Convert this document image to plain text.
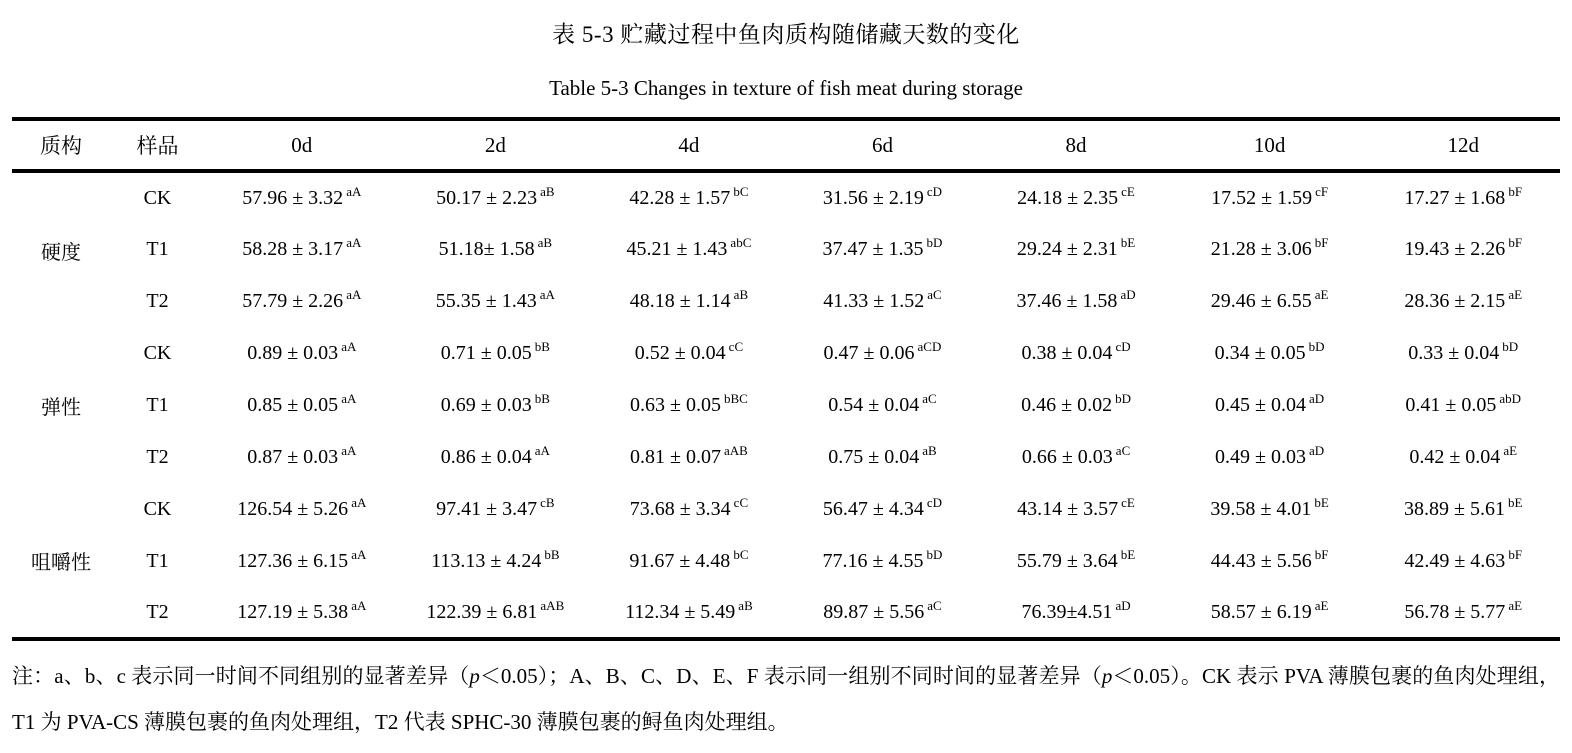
表 5-3 贮藏过程中鱼肉质构随储藏天数的变化
Table 5-3 Changes in texture of fish meat during storage
质构	样品	0d	2d	4d	6d	8d	10d	12d
硬度	CK	57.96 ± 3.32 $^{aA}$	50.17 ± 2.23 $^{aB}$	42.28 ± 1.57 $^{bC}$	31.56 ± 2.19 $^{cD}$	24.18 ± 2.35 $^{cE}$	17.52 ± 1.59 $^{cF}$	17.27 ± 1.68 $^{bF}$
	T1	58.28 ± 3.17 $^{aA}$	51.18± 1.58 $^{aB}$	45.21 ± 1.43 $^{abC}$	37.47 ± 1.35 $^{bD}$	29.24 ± 2.31 $^{bE}$	21.28 ± 3.06 $^{bF}$	19.43 ± 2.26 $^{bF}$
	T2	57.79 ± 2.26 $^{aA}$	55.35 ± 1.43 $^{aA}$	48.18 ± 1.14 $^{aB}$	41.33 ± 1.52 $^{aC}$	37.46 ± 1.58 $^{aD}$	29.46 ± 6.55 $^{aE}$	28.36 ± 2.15 $^{aE}$
弹性	CK	0.89 ± 0.03 $^{aA}$	0.71 ± 0.05 $^{bB}$	0.52 ± 0.04 $^{cC}$	0.47 ± 0.06 $^{aCD}$	0.38 ± 0.04 $^{cD}$	0.34 ± 0.05 $^{bD}$	0.33 ± 0.04 $^{bD}$
	T1	0.85 ± 0.05 $^{aA}$	0.69 ± 0.03 $^{bB}$	0.63 ± 0.05 $^{bBC}$	0.54 ± 0.04 $^{aC}$	0.46 ± 0.02 $^{bD}$	0.45 ± 0.04 $^{aD}$	0.41 ± 0.05 $^{abD}$
	T2	0.87 ± 0.03 $^{aA}$	0.86 ± 0.04 $^{aA}$	0.81 ± 0.07 $^{aAB}$	0.75 ± 0.04 $^{aB}$	0.66 ± 0.03 $^{aC}$	0.49 ± 0.03 $^{aD}$	0.42 ± 0.04 $^{aE}$
咀嚼性	CK	126.54 ± 5.26 $^{aA}$	97.41 ± 3.47 $^{cB}$	73.68 ± 3.34 $^{cC}$	56.47 ± 4.34 $^{cD}$	43.14 ± 3.57 $^{cE}$	39.58 ± 4.01 $^{bE}$	38.89 ± 5.61 $^{bE}$
	T1	127.36 ± 6.15 $^{aA}$	113.13 ± 4.24 $^{bB}$	91.67 ± 4.48 $^{bC}$	77.16 ± 4.55 $^{bD}$	55.79 ± 3.64 $^{bE}$	44.43 ± 5.56 $^{bF}$	42.49 ± 4.63 $^{bF}$
	T2	127.19 ± 5.38 $^{aA}$	122.39 ± 6.81 $^{aAB}$	112.34 ± 5.49 $^{aB}$	89.87 ± 5.56 $^{aC}$	76.39±4.51 $^{aD}$	58.57 ± 6.19 $^{aE}$	56.78 ± 5.77 $^{aE}$

注：a、b、c 表示同一时间不同组别的显著差异（p＜0.05）；A、B、C、D、E、F 表示同一组别不同时间的显著差异（p＜0.05）。CK 表示 PVA 薄膜包裹的鱼肉处理组，T1 为 PVA-CS 薄膜包裹的鱼肉处理组，T2 代表 SPHC-30 薄膜包裹的鲟鱼肉处理组。
